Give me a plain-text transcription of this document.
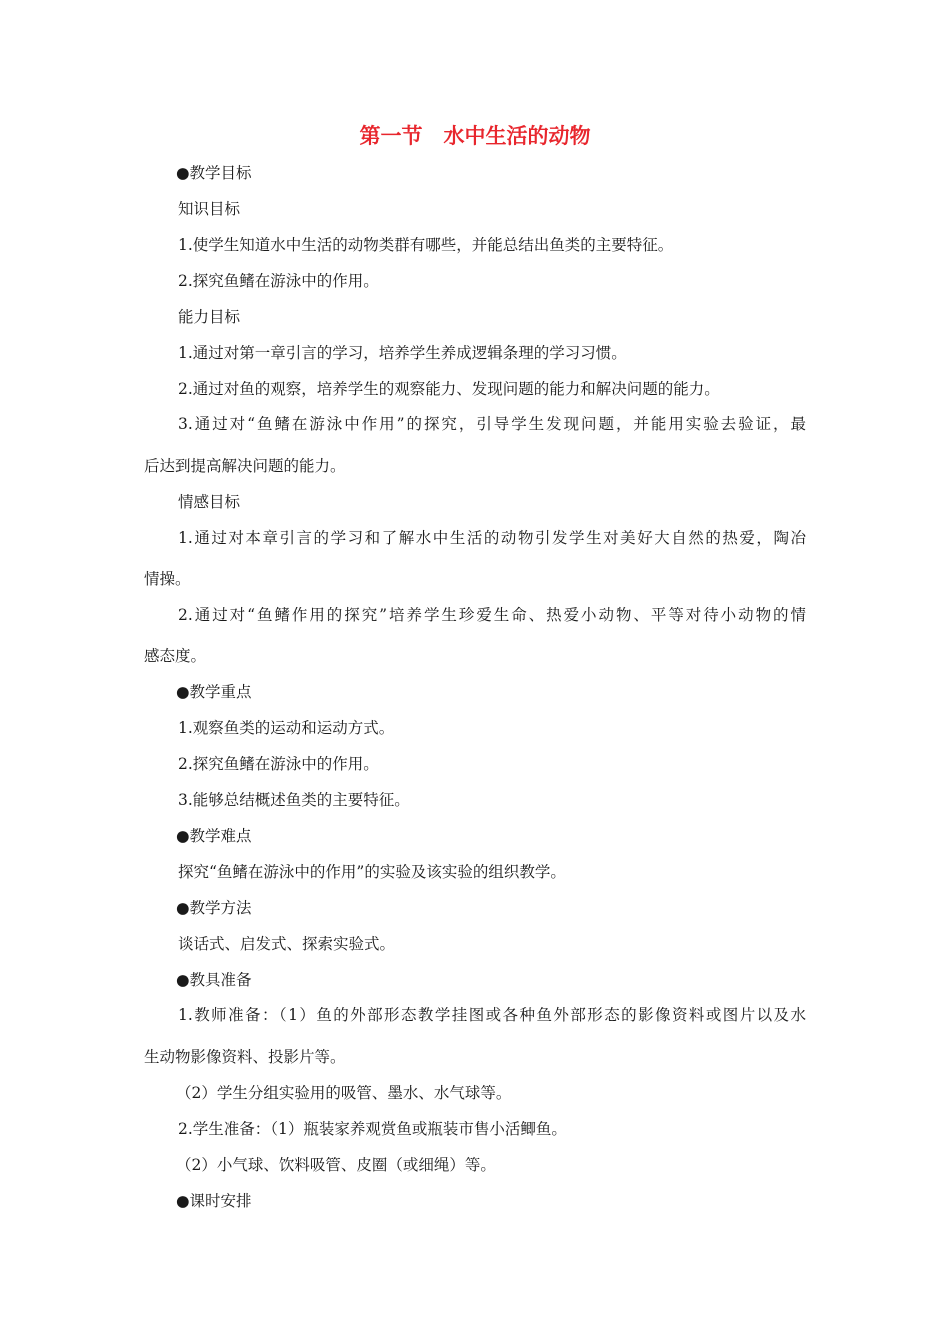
第一节　水中生活的动物
●教学目标
知识目标
1.使学生知道水中生活的动物类群有哪些，并能总结出鱼类的主要特征。
2.探究鱼鳍在游泳中的作用。
能力目标
1.通过对第一章引言的学习，培养学生养成逻辑条理的学习习惯。
2.通过对鱼的观察，培养学生的观察能力、发现问题的能力和解决问题的能力。
3.通过对“鱼鳍在游泳中作用”的探究，引导学生发现问题，并能用实验去验证，最
后达到提高解决问题的能力。
情感目标
1.通过对本章引言的学习和了解水中生活的动物引发学生对美好大自然的热爱，陶冶
情操。
2.通过对“鱼鳍作用的探究”培养学生珍爱生命、热爱小动物、平等对待小动物的情
感态度。
●教学重点
1.观察鱼类的运动和运动方式。
2.探究鱼鳍在游泳中的作用。
3.能够总结概述鱼类的主要特征。
●教学难点
探究“鱼鳍在游泳中的作用”的实验及该实验的组织教学。
●教学方法
谈话式、启发式、探索实验式。
●教具准备
1.教师准备：（1）鱼的外部形态教学挂图或各种鱼外部形态的影像资料或图片以及水
生动物影像资料、投影片等。
（2）学生分组实验用的吸管、墨水、水气球等。
2.学生准备：（1）瓶装家养观赏鱼或瓶装市售小活鲫鱼。
（2）小气球、饮料吸管、皮圈（或细绳）等。
●课时安排
